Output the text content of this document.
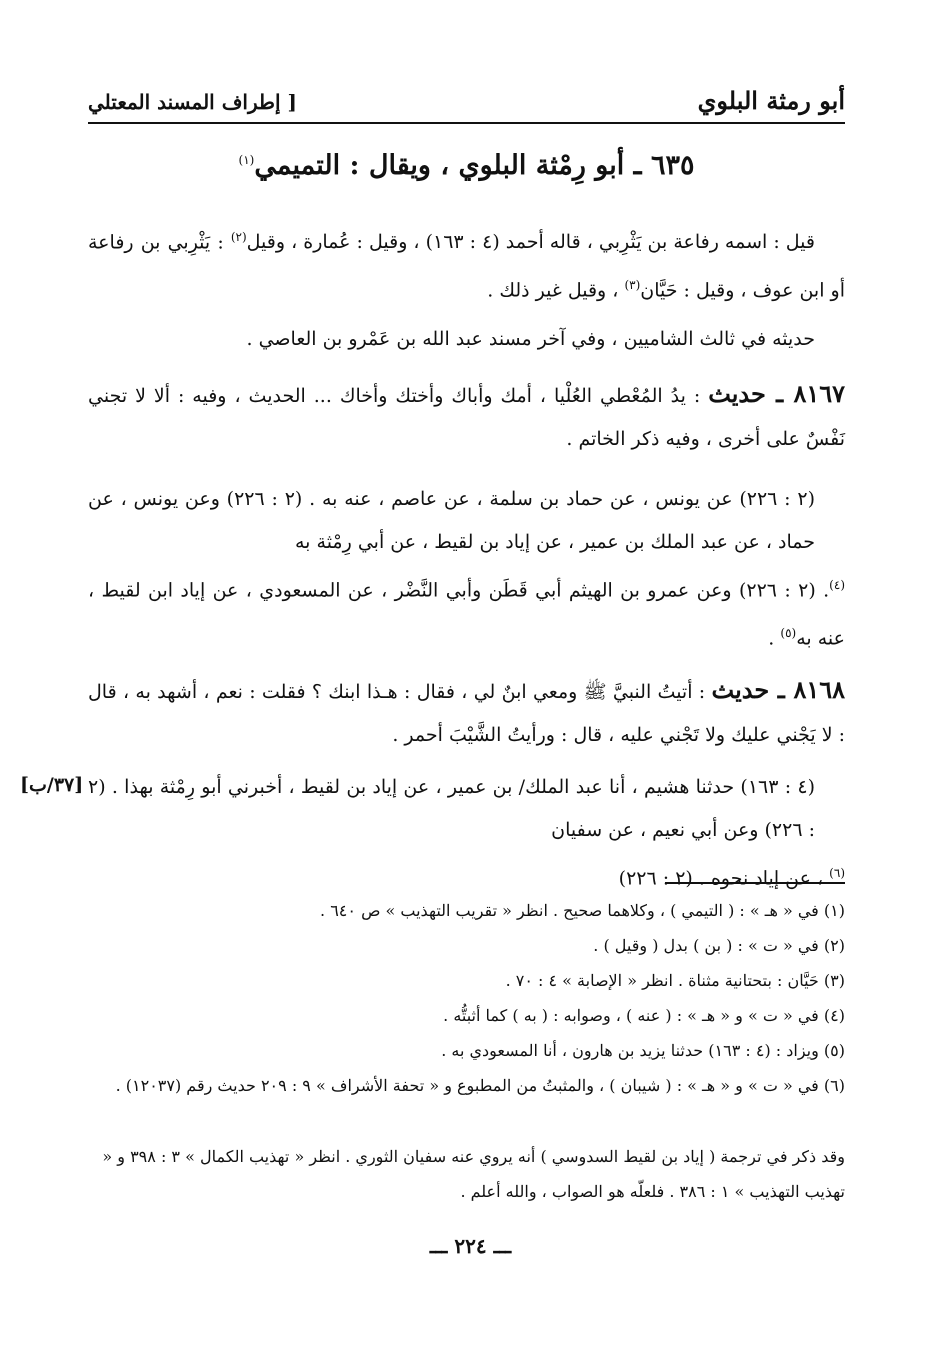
أبو رمثة البلوي
[ إطراف المسند المعتلي
٦٣٥ ـ أبو رِمْثة البلوي ، ويقال : التميمي$^{(١)}$
قيل : اسمه رفاعة بن يَثْرِبي ، قاله أحمد (٤ : ١٦٣) ، وقيل : عُمارة ، وقيل$^{(٢)}$ : يَثْرِبي بن رفاعة أو ابن عوف ، وقيل : حَيَّان$^{(٣)}$ ، وقيل غير ذلك .
حديثه في ثالث الشاميين ، وفي آخر مسند عبد الله بن عَمْرو بن العاصي .
٨١٦٧ ـ حديث : يدُ المُعْطي العُلْيا ، أمك وأباك وأختك وأخاك ... الحديث ، وفيه : ألا لا تجني نَفْسٌ على أخرى ، وفيه ذكر الخاتم .
(٢ : ٢٢٦) عن يونس ، عن حماد بن سلمة ، عن عاصم ، عنه به . (٢ : ٢٢٦) وعن يونس ، عن حماد ، عن عبد الملك بن عمير ، عن إياد بن لقيط ، عن أبي رِمْثة به$^{(٤)}$. (٢ : ٢٢٦) وعن عمرو بن الهيثم أبي قَطَن وأبي النَّضْر ، عن المسعودي ، عن إياد ابن لقيط ، عنه به$^{(٥)}$ .
٨١٦٨ ـ حديث : أتيتُ النبيَّ ﷺ ومعي ابنٌ لي ، فقال : هـذا ابنك ؟ فقلت : نعم ، أشهد به ، قال : لا يَجْني عليك ولا تَجْني عليه ، قال : ورأيتُ الشَّيْبَ أحمر .
[٣٧/ب] (٤ : ١٦٣) حدثنا هشيم ، أنا عبد الملك/ بن عمير ، عن إياد بن لقيط ، أخبرني أبو رِمْثة بهذا . (٢ : ٢٢٦) وعن أبي نعيم ، عن سفيان$^{(٦)}$ ، عن إياد نحوه . (٢ : ٢٢٦)
(١) في « هـ » : ( التيمي ) ، وكلاهما صحيح . انظر « تقريب التهذيب » ص ٦٤٠ .
(٢) في « ت » : ( بن ) بدل ( وقيل ) .
(٣) حَيَّان : بتحتانية مثناة . انظر « الإصابة » ٤ : ٧٠ .
(٤) في « ت » و « هـ » : ( عنه ) ، وصوابه : ( به ) كما أثبتُّه .
(٥) ويزاد : (٤ : ١٦٣) حدثنا يزيد بن هارون ، أنا المسعودي به .
(٦) في « ت » و « هـ » : ( شيبان ) ، والمثبتُ من المطبوع و « تحفة الأشراف » ٩ : ٢٠٩ حديث رقم (١٢٠٣٧) .
وقد ذكر في ترجمة ( إياد بن لقيط السدوسي ) أنه يروي عنه سفيان الثوري . انظر « تهذيب الكمال » ٣ : ٣٩٨ و « تهذيب التهذيب » ١ : ٣٨٦ . فلعلّه هو الصواب ، والله أعلم .
ـــ ٢٢٤ ـــ
